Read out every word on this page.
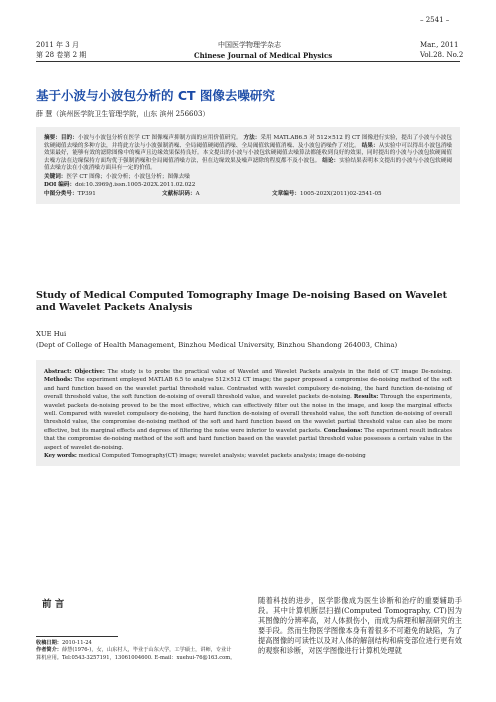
– 2541 –
2011 年 3 月
第 28 卷第 2 期
中国医学物理学杂志
Chinese Journal of Medical Physics
Mar., 2011
Vol.28. No.2
基于小波与小波包分析的 CT 图像去噪研究
薛 慧（滨州医学院卫生管理学院，山东 滨州 256603）
摘要：目的：小波与小波包分析在医学 CT 图像噪声抑制方面的应用价值研究。 方法：采用 MATLAB6.5 对 512×512 的 CT 图像进行实验，提出了小波与小波包软硬阈值去噪的多种方法，并将此方法与小波强制消噪、全局阈值硬阈值消噪、全局阈值软阈值消噪、及小波包消噪作了对比。 结果：从实验中可以得出小波包消噪效果最好，能够有效的滤除图像中的噪声且边缘效果保持良好。本文提出的小波与小波包软硬阈值去噪算法都能收到良好的效果，同时提出的小波与小波包软硬阈值去噪方法在边缘保持方面均优于强制消噪和全局阈值消噪方法，但在边缘效果及噪声滤除的程度都不及小波包。 结论：实验结果表明本文提出的小波与小波包软硬阈值去噪方法在小波消噪方面具有一定的价值。
关键词：医学 CT 图像；小波分析；小波包分析；图像去噪
DOI 编码：doi:10.3969/j.issn.1005-202X.2011.02.022
中图分类号：TP391	文献标识码：A	文章编号：1005-202X(2011)02-2541-05
Study of Medical Computed Tomography Image De-noising Based on Wavelet and Wavelet Packets Analysis
XUE Hui
(Dept of College of Health Management, Binzhou Medical University, Binzhou Shandong 264003, China)
Abstract: Objective: The study is to probe the practical value of Wavelet and Wavelet Packets analysis in the field of CT image De-noising. Methods: The experiment employed MATLAB 6.5 to analyse 512×512 CT image; the paper proposed a compromise de-noising method of the soft and hard function based on the wavelet partial threshold value. Contrasted with wavelet compulsory de-noising, the hard function de-noising of overall threshold value, the soft function de-noising of overall threshold value, and wavelet packets de-noising. Results: Through the experiments, wavelet packets de-noising proved to be the most effective, which can effectively filter out the noise in the image, and keep the marginal effects well. Compared with wavelet compulsory de-noising, the hard function de-noising of overall threshold value, the soft function de-noising of overall threshold value, the compromise de-noising method of the soft and hard function based on the wavelet partial threshold value can also be more effective, but its marginal effects and degrees of filtering the noise were inferior to wavelet packets. Conclusions: The experiment result indicates that the compromise de-noising method of the soft and hard function based on the wavelet partial threshold value possesses a certain value in the aspect of wavelet de-noising.
Key words: medical Computed Tomography(CT) image; wavelet analysis; wavelet packets analysis; image de-noising
前 言	随着科技的进步，医学影像成为医生诊断和治疗的重要辅助手段。其中计算机断层扫描(Computed Tomography, CT)因为其图像的分辨率高，对人体损伤小，而成为病理和解剖研究的主要手段。然而生物医学图像本身有着很多不可避免的缺陷，为了提高图像的可读性以及对人体的解剖结构和病变部位进行更有效的观察和诊断，对医学图像进行计算机处理就
收稿日期：2010-11-24
作者简介：薛慧(1976-)，女，山东村人，毕业于山东大学，工学硕士，讲师，专业计算机应用。Tel:0543-3257191，13061004600. E-mail：xuehui-76@163.com。
